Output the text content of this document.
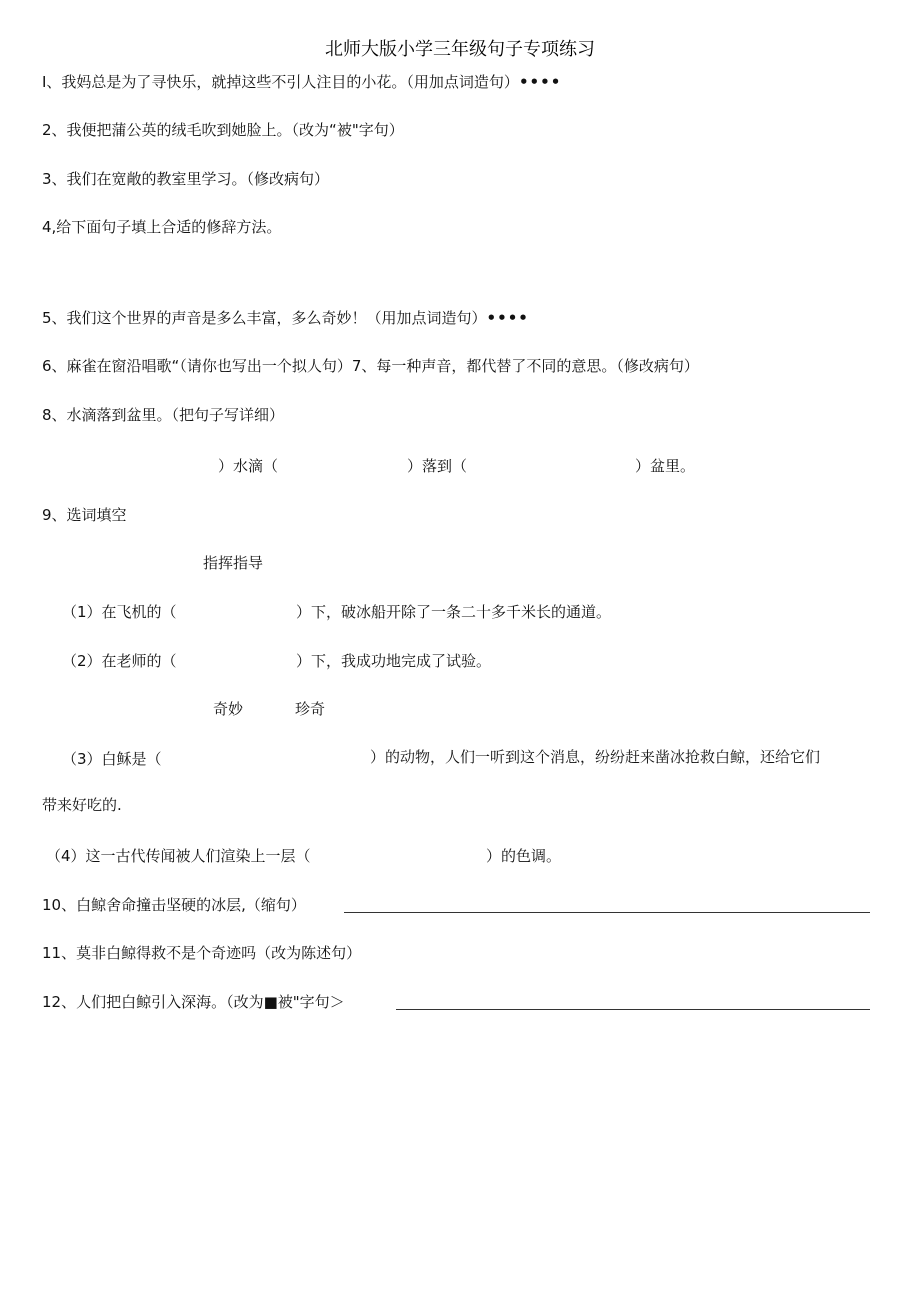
北师大版小学三年级句子专项练习
I、我妈总是为了寻快乐，就掉这些不引人注目的小花。（用加点词造句）••••
2、我便把蒲公英的绒毛吹到她脸上。（改为“被"字句）
3、我们在宽敞的教室里学习。（修改病句）
4,给下面句子填上合适的修辞方法。
5、我们这个世界的声音是多么丰富，多么奇妙！（用加点词造句）••••
6、麻雀在窗沿唱歌“（请你也写出一个拟人句）7、每一种声音，都代替了不同的意思。（修改病句）
8、水滴落到盆里。（把句子写详细）
）水滴（	）落到（	）盆里。
9、选词填空
指挥指导
（1）在飞机的（	）下，破冰船开除了一条二十多千米长的通道。
（2）在老师的（	）下，我成功地完成了试验。
奇妙	珍奇
（3）白稣是（	）的动物，人们一听到这个消息，纷纷赶来凿冰抢救白鲸，还给它们
带来好吃的.
（4）这一古代传闻被人们渲染上一层（	）的色调。
10、白鲸舍命撞击坚硬的冰层,（缩句）
11、莫非白鲸得救不是个奇迹吗（改为陈述句）
12、人们把白鲸引入深海。（改为■被"字句＞
